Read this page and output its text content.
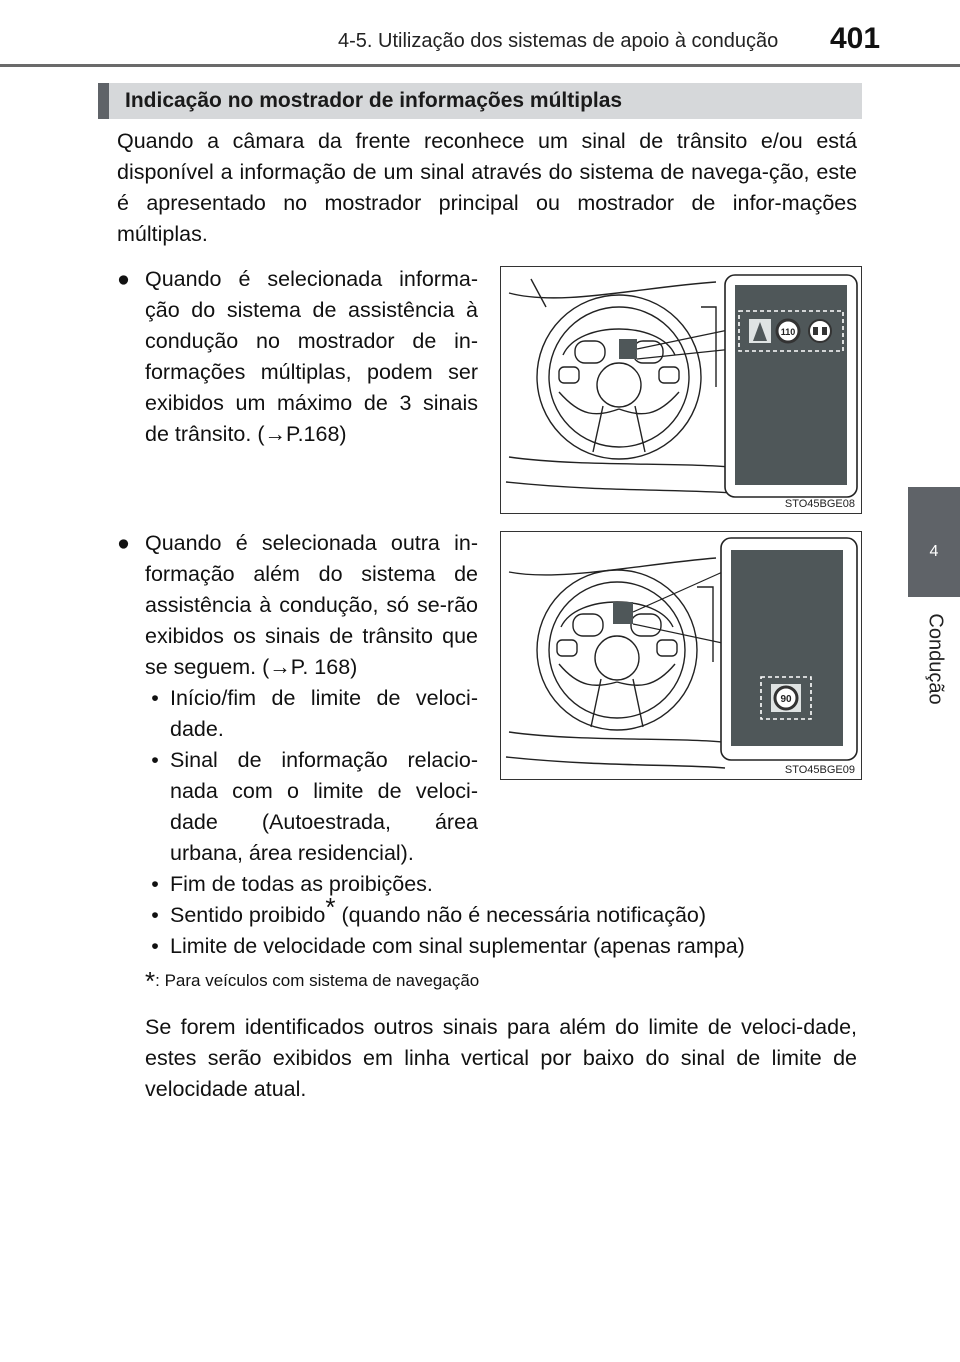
4-5. Utilização dos sistemas de apoio à condução 401
4
Condução
Indicação no mostrador de informações múltiplas
Quando a câmara da frente reconhece um sinal de trânsito e/ou está disponível a informação de um sinal através do sistema de navega-ção, este é apresentado no mostrador principal ou mostrador de infor-mações múltiplas.
● Quando é selecionada informa-ção do sistema de assistência à condução no mostrador de in-formações múltiplas, podem ser exibidos um máximo de 3 sinais de trânsito. (→P.168)
110
STO45BGE08
● Quando é selecionada outra in-formação além do sistema de assistência à condução, só se-rão exibidos os sinais de trânsito que se seguem. (→P. 168)
90
STO45BGE09
• Início/fim de limite de veloci-dade.
• Sinal de informação relacio-nada com o limite de veloci-dade (Autoestrada, área urbana, área residencial).
• Fim de todas as proibições.
• Sentido proibido* (quando não é necessária notificação)
• Limite de velocidade com sinal suplementar (apenas rampa)
*: Para veículos com sistema de navegação
Se forem identificados outros sinais para além do limite de veloci-dade, estes serão exibidos em linha vertical por baixo do sinal de limite de velocidade atual.
